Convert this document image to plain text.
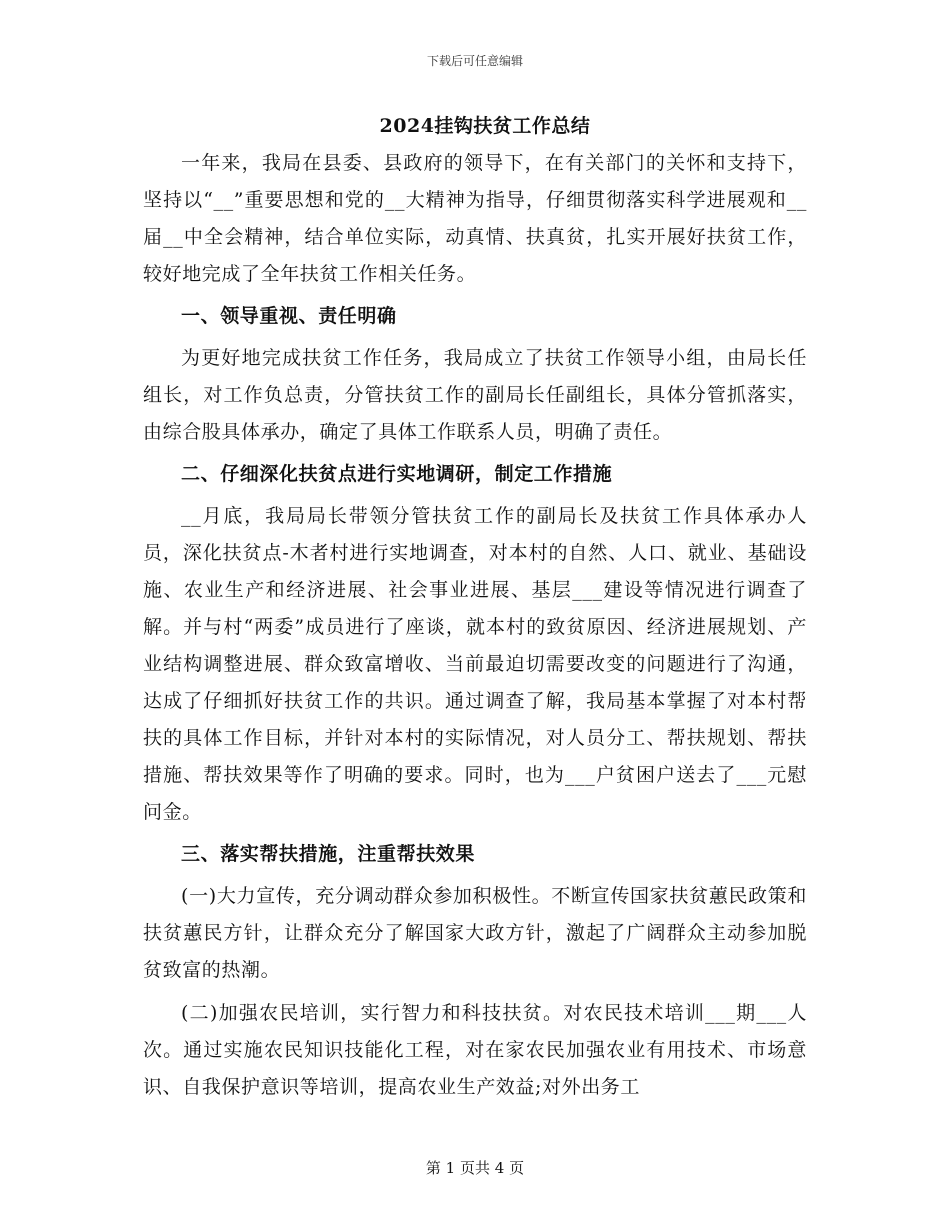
下载后可任意编辑
2024挂钩扶贫工作总结

一年来，我局在县委、县政府的领导下，在有关部门的关怀和支持下，坚持以“__”重要思想和党的__大精神为指导，仔细贯彻落实科学进展观和__届__中全会精神，结合单位实际，动真情、扶真贫，扎实开展好扶贫工作，较好地完成了全年扶贫工作相关任务。

一、领导重视、责任明确

为更好地完成扶贫工作任务，我局成立了扶贫工作领导小组，由局长任组长，对工作负总责，分管扶贫工作的副局长任副组长，具体分管抓落实，由综合股具体承办，确定了具体工作联系人员，明确了责任。

二、仔细深化扶贫点进行实地调研，制定工作措施

__月底，我局局长带领分管扶贫工作的副局长及扶贫工作具体承办人员，深化扶贫点-木者村进行实地调查，对本村的自然、人口、就业、基础设施、农业生产和经济进展、社会事业进展、基层___建设等情况进行调查了解。并与村“两委”成员进行了座谈，就本村的致贫原因、经济进展规划、产业结构调整进展、群众致富增收、当前最迫切需要改变的问题进行了沟通，达成了仔细抓好扶贫工作的共识。通过调查了解，我局基本掌握了对本村帮扶的具体工作目标，并针对本村的实际情况，对人员分工、帮扶规划、帮扶措施、帮扶效果等作了明确的要求。同时，也为___户贫困户送去了___元慰问金。

三、落实帮扶措施，注重帮扶效果

(一)大力宣传，充分调动群众参加积极性。不断宣传国家扶贫蕙民政策和扶贫蕙民方针，让群众充分了解国家大政方针，激起了广阔群众主动参加脱贫致富的热潮。

(二)加强农民培训，实行智力和科技扶贫。对农民技术培训___期___人次。通过实施农民知识技能化工程，对在家农民加强农业有用技术、市场意识、自我保护意识等培训，提高农业生产效益;对外出务工

第 1 页共 4 页
